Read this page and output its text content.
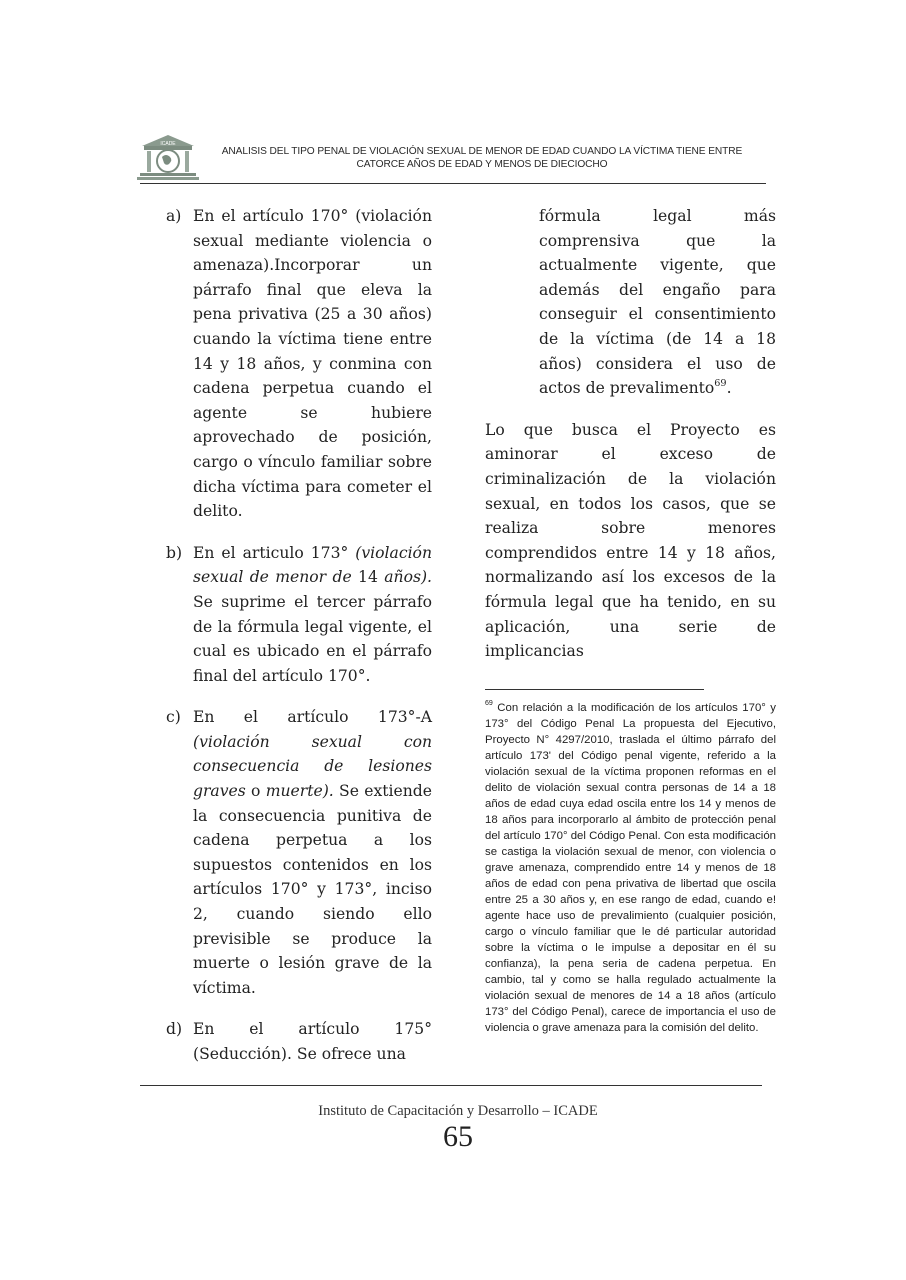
ICADE
ANALISIS DEL TIPO PENAL DE VIOLACIÓN SEXUAL DE MENOR DE EDAD CUANDO LA VÍCTIMA TIENE ENTRE
CATORCE AÑOS DE EDAD Y MENOS DE DIECIOCHO
a) En el artículo 170° (violación sexual mediante violencia o amenaza).Incorporar un párrafo final que eleva la pena privativa (25 a 30 años) cuando la víctima tiene entre 14 y 18 años, y conmina con cadena perpetua cuando el agente se hubiere aprovechado de posición, cargo o vínculo familiar sobre dicha víctima para cometer el delito.
b) En el articulo 173° (violación sexual de menor de 14 años). Se suprime el tercer párrafo de la fórmula legal vigente, el cual es ubicado en el párrafo final del artículo 170°.
c) En el artículo 173°-A (violación sexual con consecuencia de lesiones graves o muerte). Se extiende la consecuencia punitiva de cadena perpetua a los supuestos contenidos en los artículos 170° y 173°, inciso 2, cuando siendo ello previsible se produce la muerte o lesión grave de la víctima.
d) En el artículo 175° (Seducción). Se ofrece una
fórmula legal más comprensiva que la actualmente vigente, que además del engaño para conseguir el consentimiento de la víctima (de 14 a 18 años) considera el uso de actos de prevalimento$^{69}$.
Lo que busca el Proyecto es aminorar el exceso de criminalización de la violación sexual, en todos los casos, que se realiza sobre menores comprendidos entre 14 y 18 años, normalizando así los excesos de la fórmula legal que ha tenido, en su aplicación, una serie de implicancias
$^{69}$ Con relación a la modificación de los artículos 170° y 173° del Código Penal La propuesta del Ejecutivo, Proyecto N° 4297/2010, traslada el último párrafo del artículo 173' del Código penal vigente, referido a la violación sexual de la víctima proponen reformas en el delito de violación sexual contra personas de 14 a 18 años de edad cuya edad oscila entre los 14 y menos de 18 años para incorporarlo al ámbito de protección penal del artículo 170° del Código Penal. Con esta modificación se castiga la violación sexual de menor, con violencia o grave amenaza, comprendido entre 14 y menos de 18 años de edad con pena privativa de libertad que oscila entre 25 a 30 años y, en ese rango de edad, cuando e! agente hace uso de prevalimiento (cualquier posición, cargo o vínculo familiar que le dé particular autoridad sobre la víctima o le impulse a depositar en él su confianza), la pena seria de cadena perpetua. En cambio, tal y como se halla regulado actualmente la violación sexual de menores de 14 a 18 años (artículo 173° del Código Penal), carece de importancia el uso de violencia o grave amenaza para la comisión del delito.
Instituto de Capacitación y Desarrollo – ICADE
65
